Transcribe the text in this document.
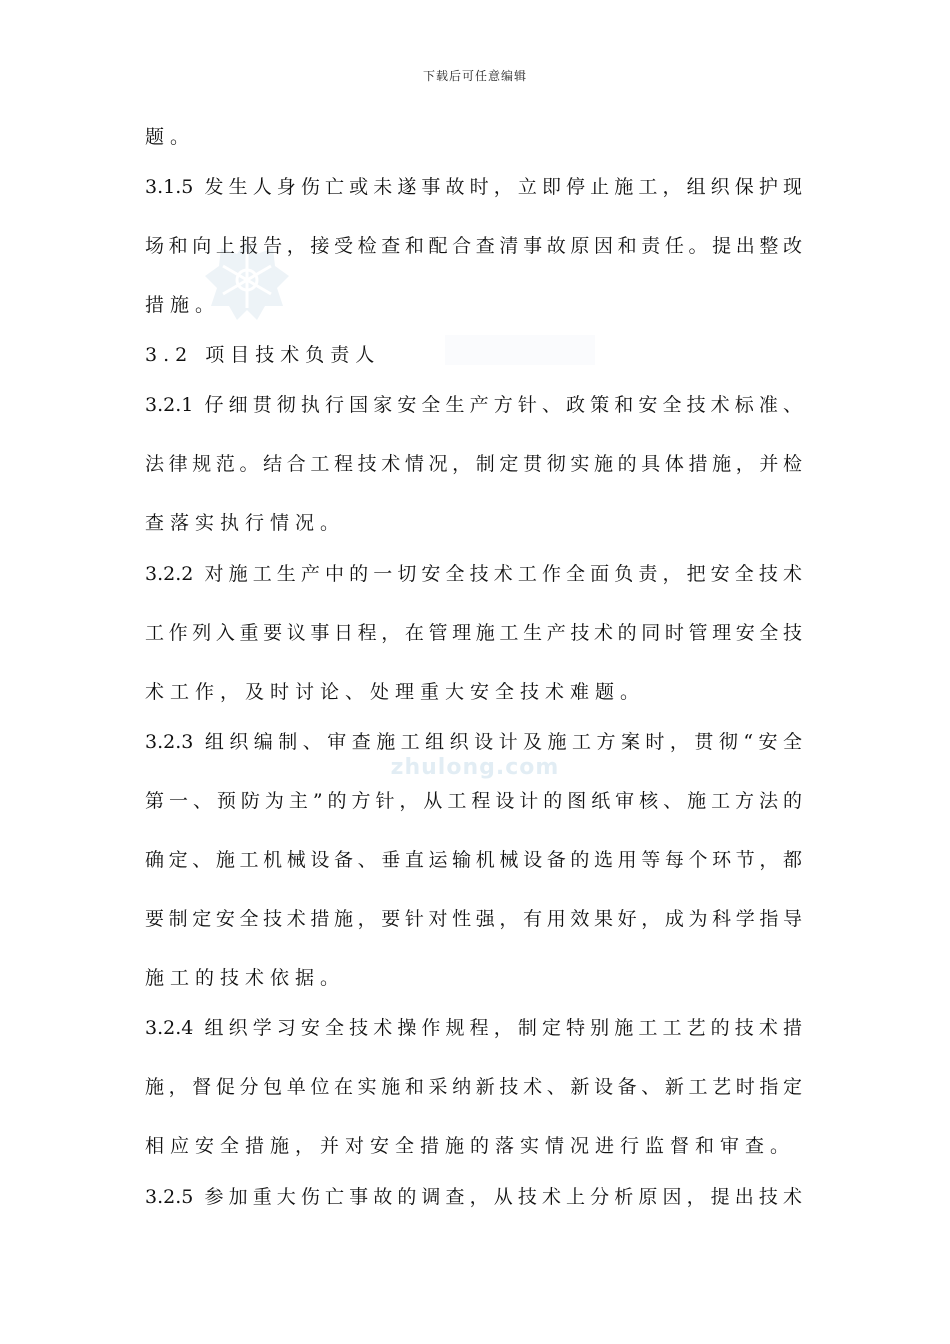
下载后可任意编辑
题。
3.1.5 发生人身伤亡或未遂事故时，立即停止施工，组织保护现
场和向上报告，接受检查和配合查清事故原因和责任。提出整改
措施。
3.2 项目技术负责人
3.2.1 仔细贯彻执行国家安全生产方针、政策和安全技术标准、
法律规范。结合工程技术情况，制定贯彻实施的具体措施，并检
查落实执行情况。
3.2.2 对施工生产中的一切安全技术工作全面负责，把安全技术
工作列入重要议事日程，在管理施工生产技术的同时管理安全技
术工作，及时讨论、处理重大安全技术难题。
3.2.3 组织编制、审查施工组织设计及施工方案时，贯彻“安全
第一、预防为主”的方针，从工程设计的图纸审核、施工方法的
确定、施工机械设备、垂直运输机械设备的选用等每个环节，都
要制定安全技术措施，要针对性强，有用效果好，成为科学指导
施工的技术依据。
3.2.4 组织学习安全技术操作规程，制定特别施工工艺的技术措
施，督促分包单位在实施和采纳新技术、新设备、新工艺时指定
相应安全措施，并对安全措施的落实情况进行监督和审查。
3.2.5 参加重大伤亡事故的调查，从技术上分析原因，提出技术
zhulong.com
